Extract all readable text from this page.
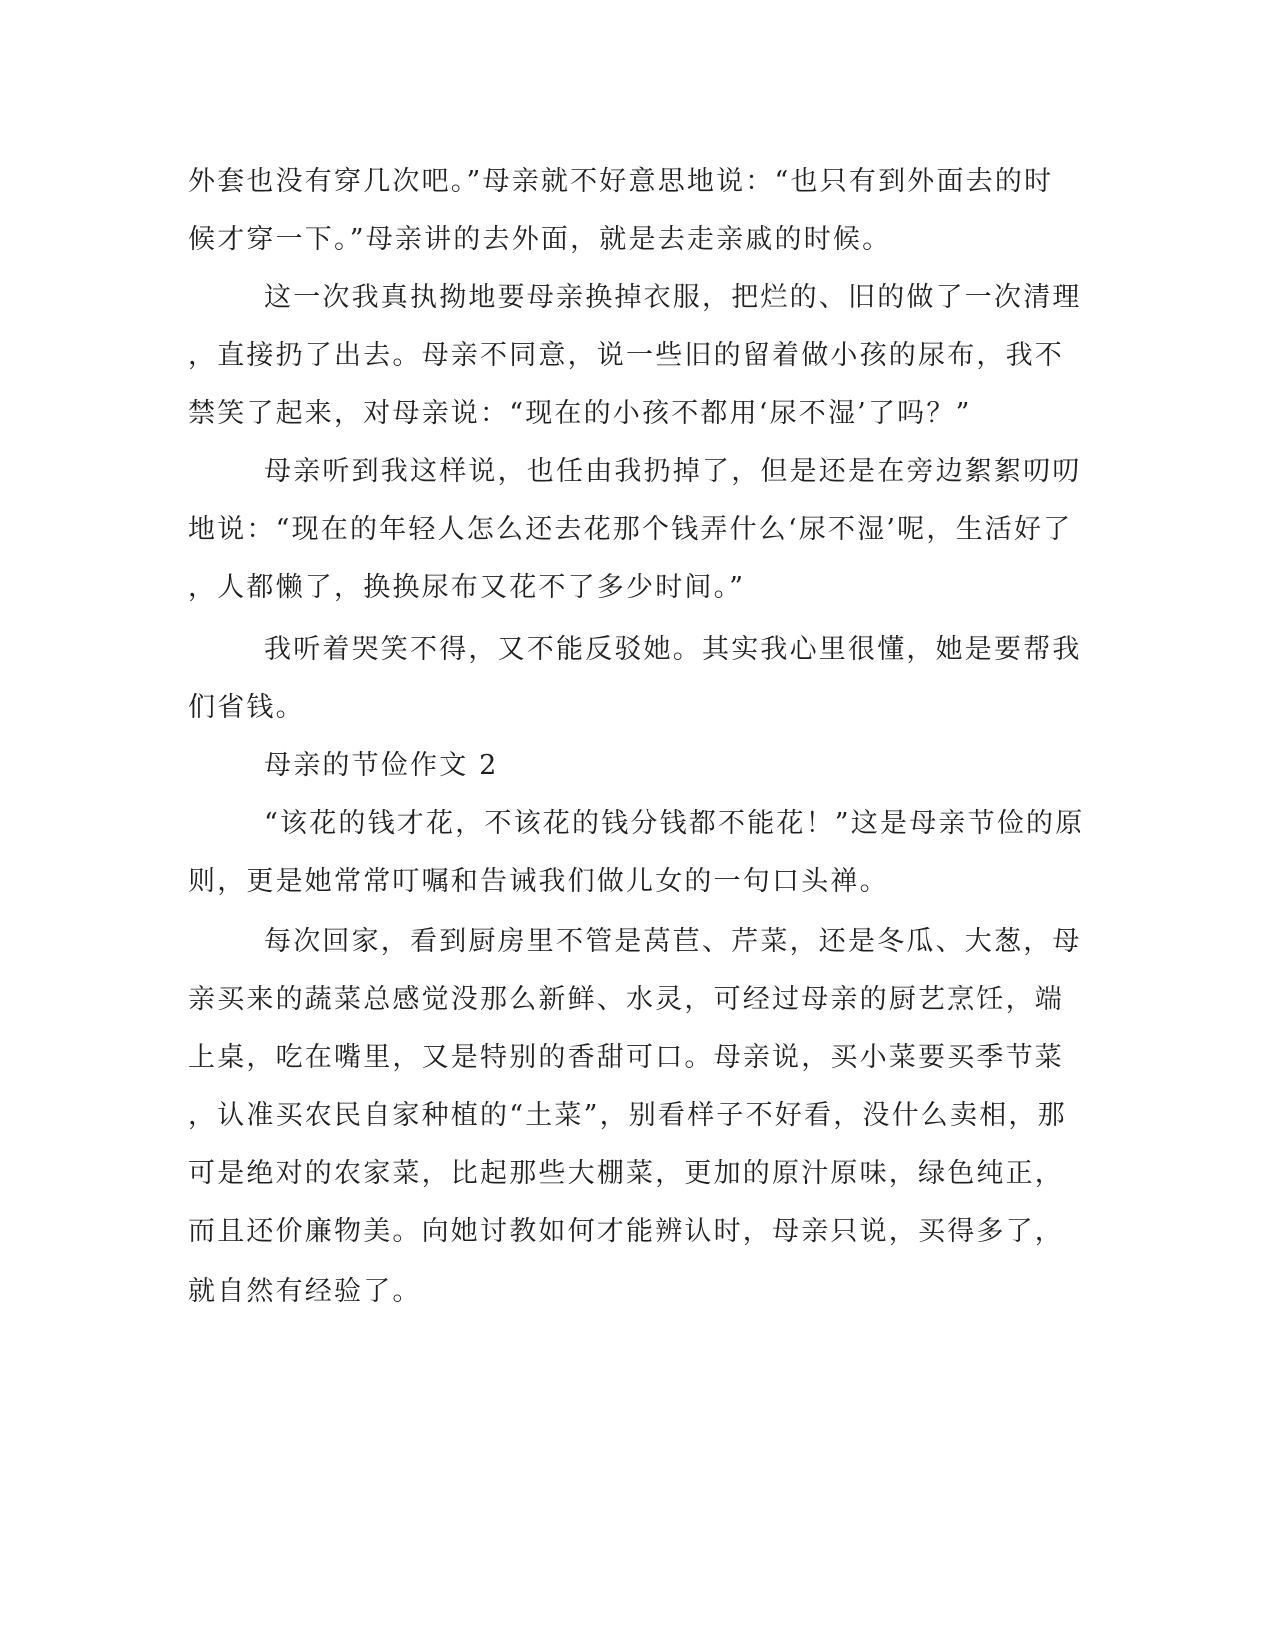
外套也没有穿几次吧。”母亲就不好意思地说：“也只有到外面去的时
候才穿一下。”母亲讲的去外面，就是去走亲戚的时候。
这一次我真执拗地要母亲换掉衣服，把烂的、旧的做了一次清理
，直接扔了出去。母亲不同意，说一些旧的留着做小孩的尿布，我不
禁笑了起来，对母亲说：“现在的小孩不都用‘尿不湿’了吗？”
母亲听到我这样说，也任由我扔掉了，但是还是在旁边絮絮叨叨
地说：“现在的年轻人怎么还去花那个钱弄什么‘尿不湿’呢，生活好了
，人都懒了，换换尿布又花不了多少时间。”
我听着哭笑不得，又不能反驳她。其实我心里很懂，她是要帮我
们省钱。
母亲的节俭作文 2
“该花的钱才花，不该花的钱分钱都不能花！”这是母亲节俭的原
则，更是她常常叮嘱和告诫我们做儿女的一句口头禅。
每次回家，看到厨房里不管是莴苣、芹菜，还是冬瓜、大葱，母
亲买来的蔬菜总感觉没那么新鲜、水灵，可经过母亲的厨艺烹饪，端
上桌，吃在嘴里，又是特别的香甜可口。母亲说，买小菜要买季节菜
，认准买农民自家种植的“土菜”，别看样子不好看，没什么卖相，那
可是绝对的农家菜，比起那些大棚菜，更加的原汁原味，绿色纯正，
而且还价廉物美。向她讨教如何才能辨认时，母亲只说，买得多了，
就自然有经验了。
